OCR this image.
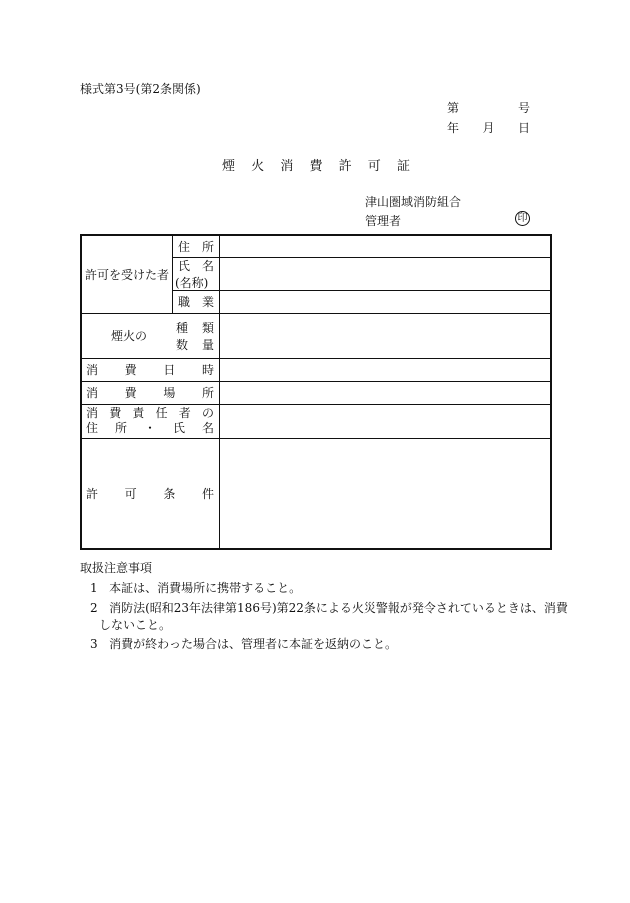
様式第3号(第2条関係)
第	号
年 月 日
煙 火 消 費 許 可 証
津山圏域消防組合
管理者	印
許 可 を 受 け た 者
住 所
氏 名
(名称)
職 業
煙 火 の
種 類
数 量
消 費 日 時
消 費 場 所
消 費 責 任 者 の
住 所 ・ 氏 名
許 可 条 件
取扱注意事項
1 本証は、消費場所に携帯すること。
2 消防法(昭和23年法律第186号)第22条による火災警報が発令されているときは、消費
しないこと。
3 消費が終わった場合は、管理者に本証を返納のこと。
